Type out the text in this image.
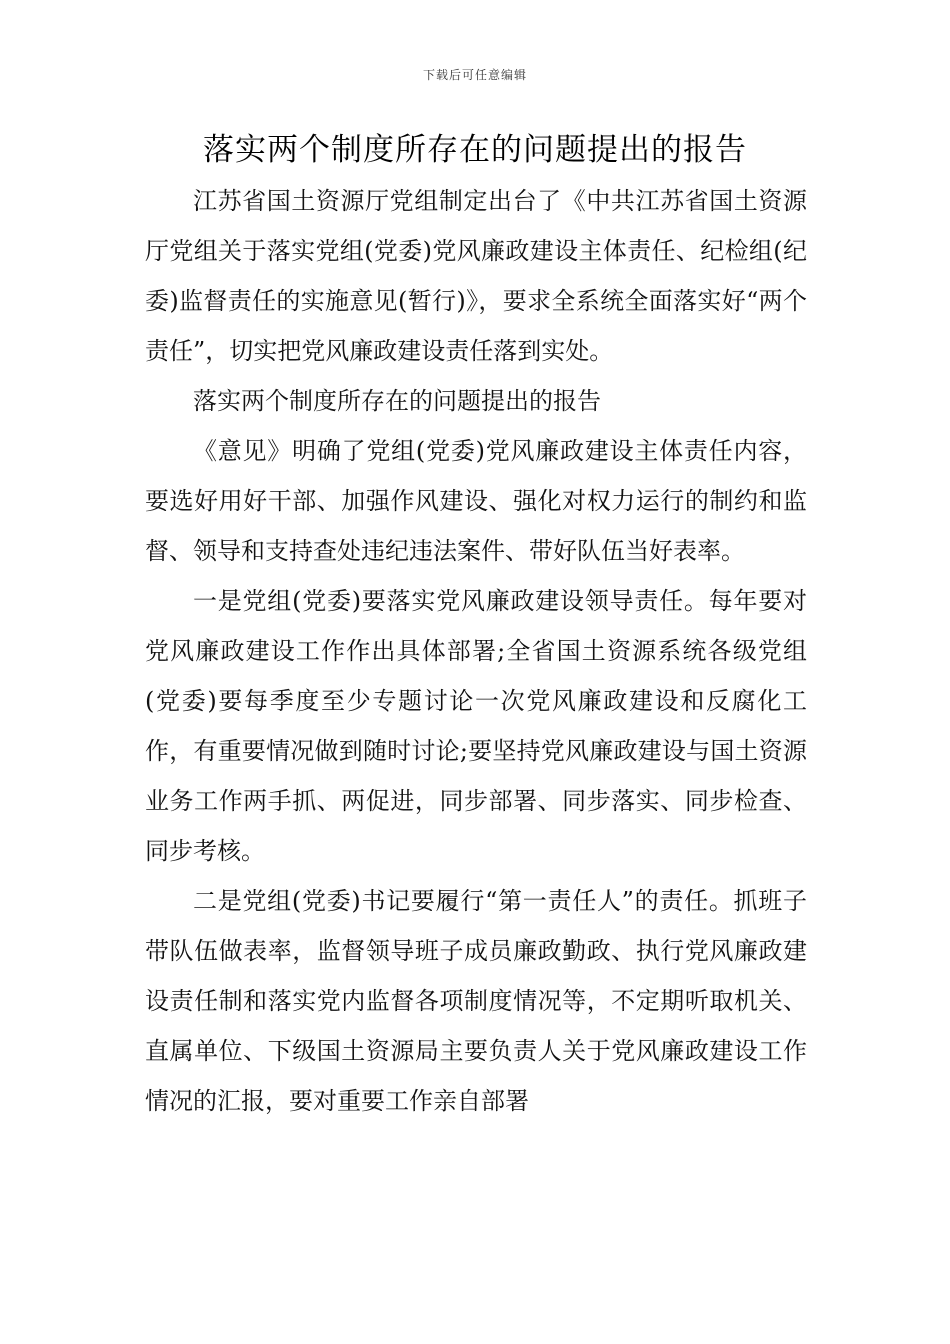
下载后可任意编辑
落实两个制度所存在的问题提出的报告

江苏省国土资源厅党组制定出台了《中共江苏省国土资源厅党组关于落实党组(党委)党风廉政建设主体责任、纪检组(纪委)监督责任的实施意见(暂行)》，要求全系统全面落实好“两个责任”，切实把党风廉政建设责任落到实处。

落实两个制度所存在的问题提出的报告

《意见》明确了党组(党委)党风廉政建设主体责任内容，要选好用好干部、加强作风建设、强化对权力运行的制约和监督、领导和支持查处违纪违法案件、带好队伍当好表率。

一是党组(党委)要落实党风廉政建设领导责任。每年要对党风廉政建设工作作出具体部署;全省国土资源系统各级党组(党委)要每季度至少专题讨论一次党风廉政建设和反腐化工作，有重要情况做到随时讨论;要坚持党风廉政建设与国土资源业务工作两手抓、两促进，同步部署、同步落实、同步检查、同步考核。

二是党组(党委)书记要履行“第一责任人”的责任。抓班子带队伍做表率，监督领导班子成员廉政勤政、执行党风廉政建设责任制和落实党内监督各项制度情况等，不定期听取机关、直属单位、下级国土资源局主要负责人关于党风廉政建设工作情况的汇报，要对重要工作亲自部署
